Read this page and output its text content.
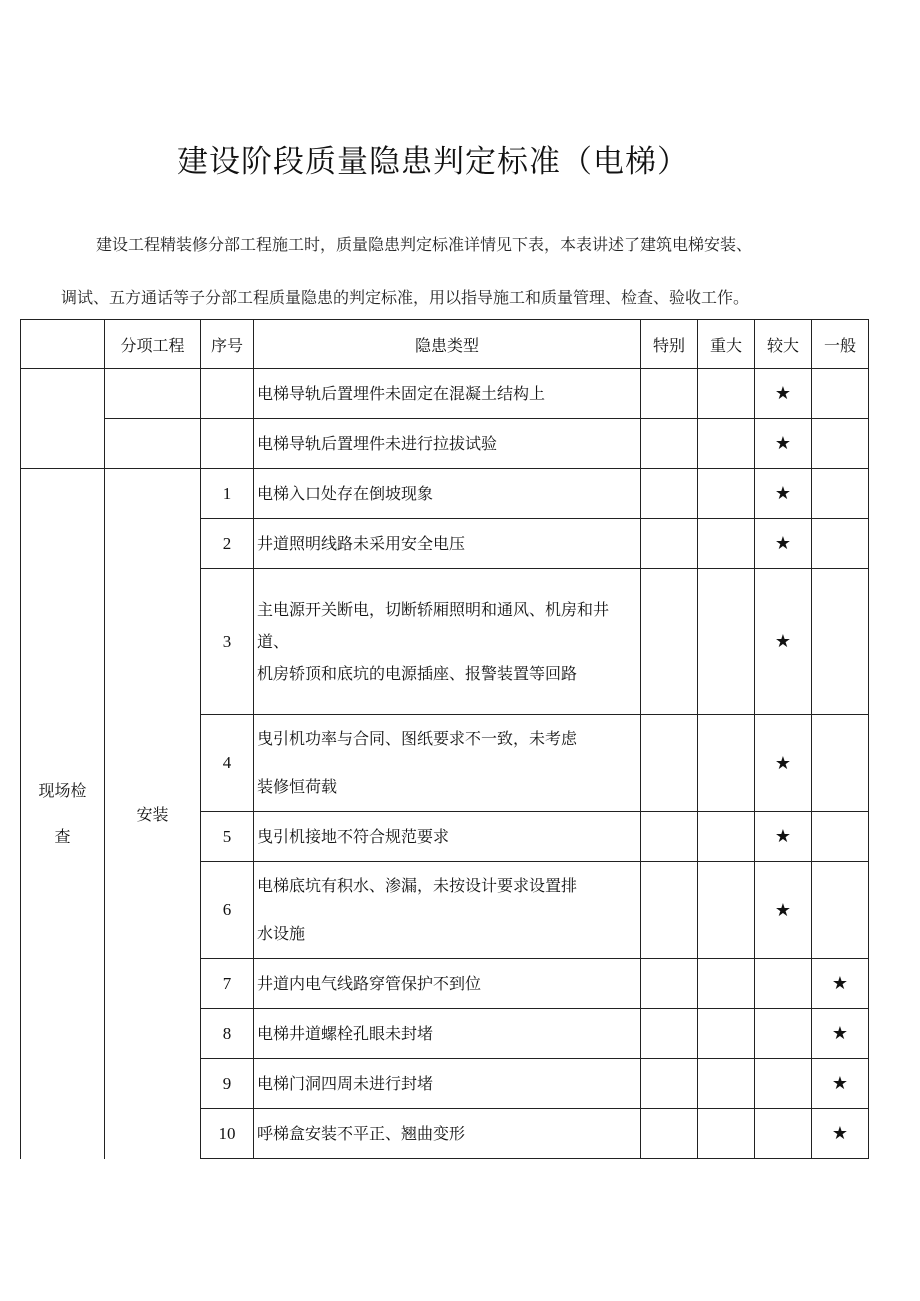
建设阶段质量隐患判定标准（电梯）
建设工程精装修分部工程施工时，质量隐患判定标准详情见下表，本表讲述了建筑电梯安装、
调试、五方通话等子分部工程质量隐患的判定标准，用以指导施工和质量管理、检查、验收工作。
	分项工程	序号	隐患类型	特别	重大	较大	一般
			电梯导轨后置埋件未固定在混凝土结构上			★	
			电梯导轨后置埋件未进行拉拔试验			★	

现场检
查	安装	1	电梯入口处存在倒坡现象			★	
		2	井道照明线路未采用安全电压			★	
		3	主电源开关断电，切断轿厢照明和通风、机房和井道、
机房轿顶和底坑的电源插座、报警装置等回路			★	
		4	曳引机功率与合同、图纸要求不一致，未考虑
装修恒荷载			★	
		5	曳引机接地不符合规范要求			★	
		6	电梯底坑有积水、渗漏，未按设计要求设置排
水设施			★	
		7	井道内电气线路穿管保护不到位				★
		8	电梯井道螺栓孔眼未封堵				★
		9	电梯门洞四周未进行封堵				★
		10	呼梯盒安装不平正、翘曲变形				★
